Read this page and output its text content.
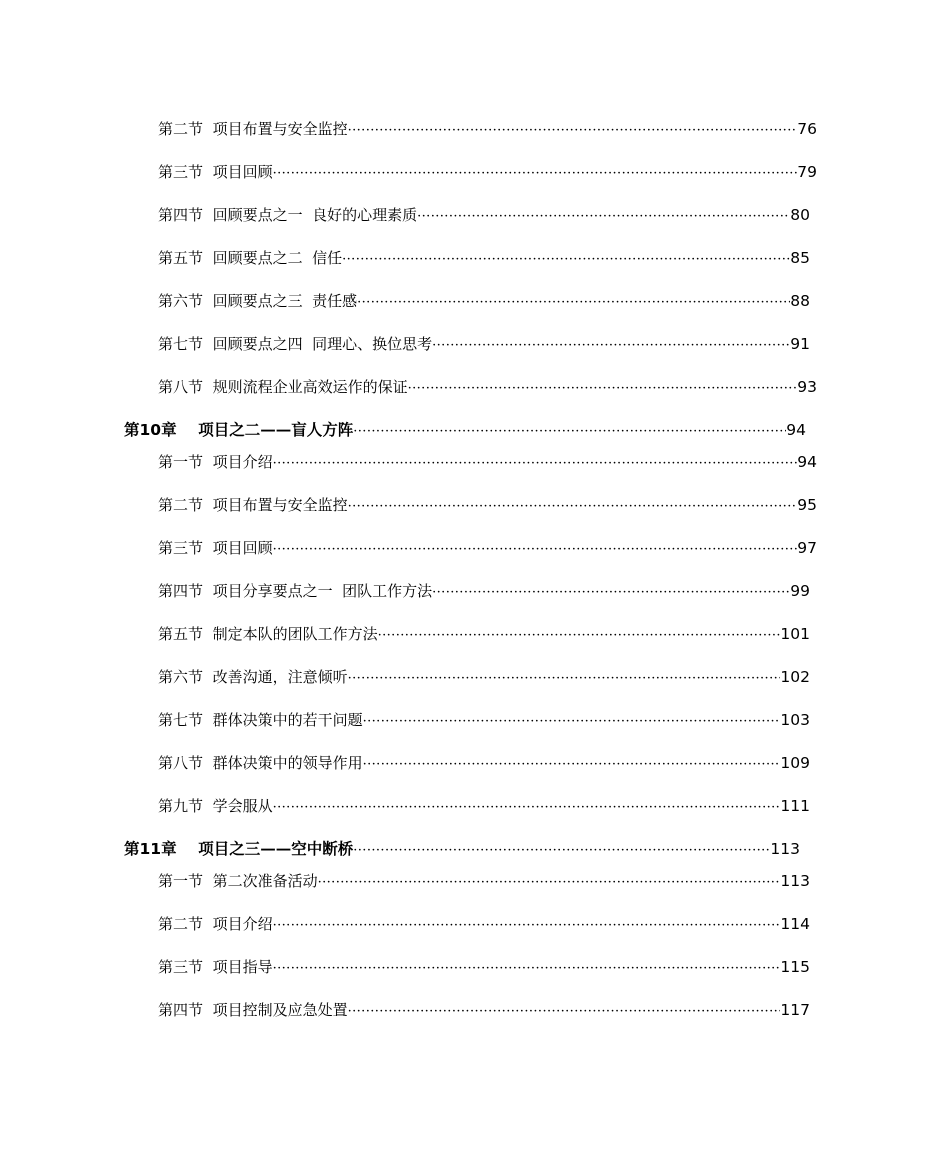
第二节 项目布置与安全监控 ·····	76
第三节 项目回顾 ·····	79
第四节 回顾要点之一  良好的心理素质 ·····	80
第五节 回顾要点之二  信任 ·····	85
第六节 回顾要点之三  责任感 ·····	88
第七节 回顾要点之四  同理心、换位思考 ·····	91
第八节 规则流程企业高效运作的保证 ·····	93
第10章 项目之二——盲人方阵 ·····	94
第一节 项目介绍 ·····	94
第二节 项目布置与安全监控 ·····	95
第三节 项目回顾 ·····	97
第四节 项目分享要点之一  团队工作方法 ·····	99
第五节 制定本队的团队工作方法 ·····	101
第六节 改善沟通，注意倾听 ·····	102
第七节 群体决策中的若干问题 ·····	103
第八节 群体决策中的领导作用 ·····	109
第九节 学会服从 ·····	111
第11章 项目之三——空中断桥 ·····	113
第一节 第二次准备活动 ·····	113
第二节 项目介绍 ·····	114
第三节 项目指导 ·····	115
第四节 项目控制及应急处置 ·····	117
